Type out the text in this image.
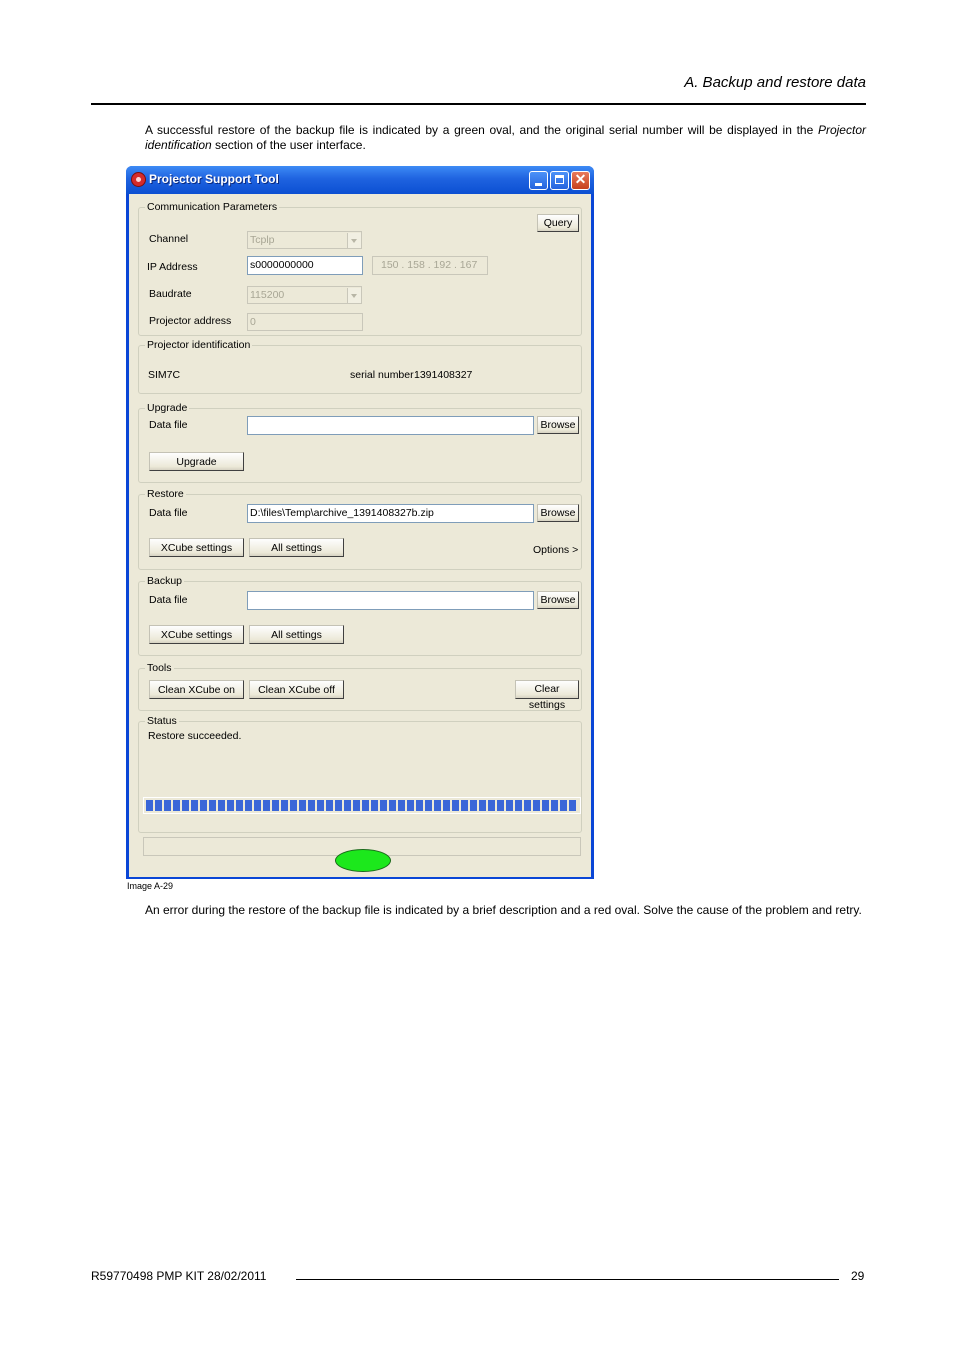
A. Backup and restore data
A successful restore of the backup file is indicated by a green oval, and the original serial number will be displayed in the Projector identification section of the user interface.
Projector Support Tool	✕
Communication Parameters
Query
Channel	Tcplp
IP Address	s0000000000	150 . 158 . 192 . 167
Baudrate	115200
Projector address 0
Projector identification
SIM7C	serial number 1391408327
Upgrade
Data file	Browse
Upgrade
Restore
Data file	D:\files\Temp\archive_1391408327b.zip	Browse
XCube settings	All settings	Options >
Backup
Data file	Browse
XCube settings	All settings
Tools
Clean XCube on	Clean XCube off	Clear settings
Status
Restore succeeded.
Image A-29
An error during the restore of the backup file is indicated by a brief description and a red oval. Solve the cause of the problem and retry.
R59770498 PMP KIT 28/02/2011	29
